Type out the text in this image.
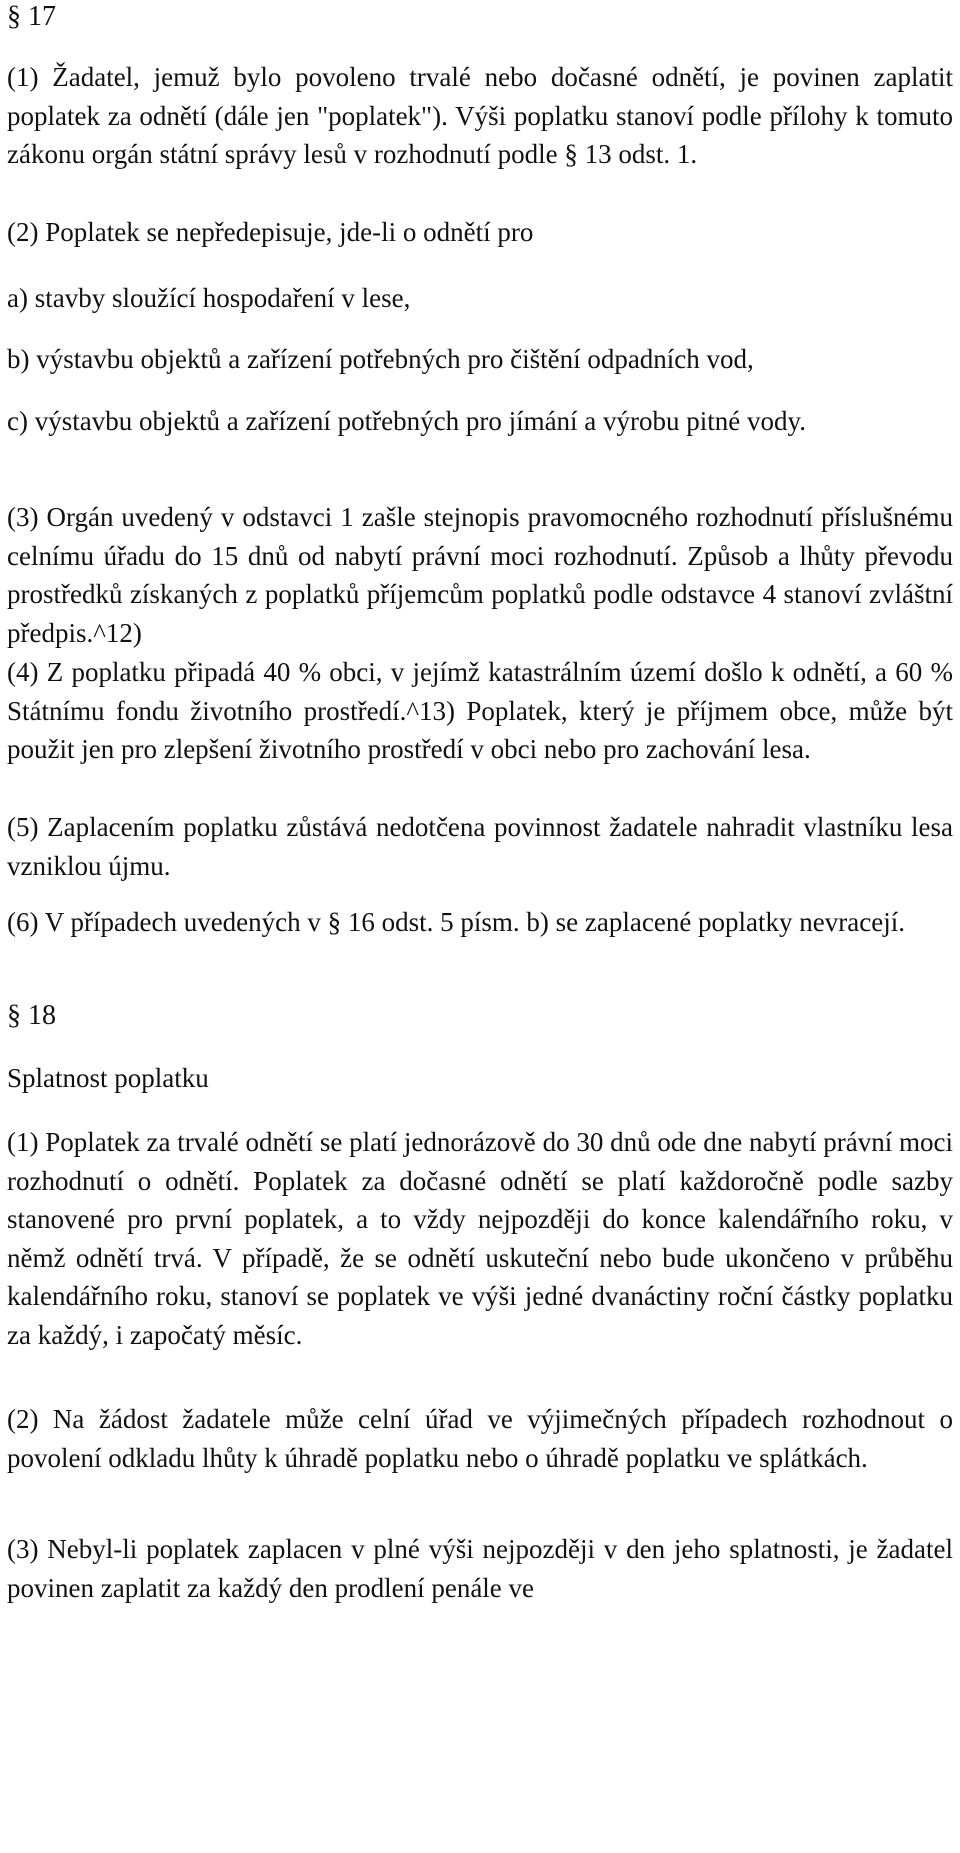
§ 17

(1) Žadatel, jemuž bylo povoleno trvalé nebo dočasné odnětí, je povinen zaplatit poplatek za odnětí (dále jen "poplatek"). Výši poplatku stanoví podle přílohy k tomuto zákonu orgán státní správy lesů v rozhodnutí podle § 13 odst. 1.

(2) Poplatek se nepředepisuje, jde-li o odnětí pro

a) stavby sloužící hospodaření v lese,

b) výstavbu objektů a zařízení potřebných pro čištění odpadních vod,

c) výstavbu objektů a zařízení potřebných pro jímání a výrobu pitné vody.

(3) Orgán uvedený v odstavci 1 zašle stejnopis pravomocného rozhodnutí příslušnému celnímu úřadu do 15 dnů od nabytí právní moci rozhodnutí. Způsob a lhůty převodu prostředků získaných z poplatků příjemcům poplatků podle odstavce 4 stanoví zvláštní předpis.^12)

(4) Z poplatku připadá 40 % obci, v jejímž katastrálním území došlo k odnětí, a 60 % Státnímu fondu životního prostředí.^13) Poplatek, který je příjmem obce, může být použit jen pro zlepšení životního prostředí v obci nebo pro zachování lesa.

(5) Zaplacením poplatku zůstává nedotčena povinnost žadatele nahradit vlastníku lesa vzniklou újmu.

(6) V případech uvedených v § 16 odst. 5 písm. b) se zaplacené poplatky nevracejí.

§ 18

Splatnost poplatku

(1) Poplatek za trvalé odnětí se platí jednorázově do 30 dnů ode dne nabytí právní moci rozhodnutí o odnětí. Poplatek za dočasné odnětí se platí každoročně podle sazby stanovené pro první poplatek, a to vždy nejpozději do konce kalendářního roku, v němž odnětí trvá. V případě, že se odnětí uskuteční nebo bude ukončeno v průběhu kalendářního roku, stanoví se poplatek ve výši jedné dvanáctiny roční částky poplatku za každý, i započatý měsíc.

(2) Na žádost žadatele může celní úřad ve výjimečných případech rozhodnout o povolení odkladu lhůty k úhradě poplatku nebo o úhradě poplatku ve splátkách.

(3) Nebyl-li poplatek zaplacen v plné výši nejpozději v den jeho splatnosti, je žadatel povinen zaplatit za každý den prodlení penále ve
